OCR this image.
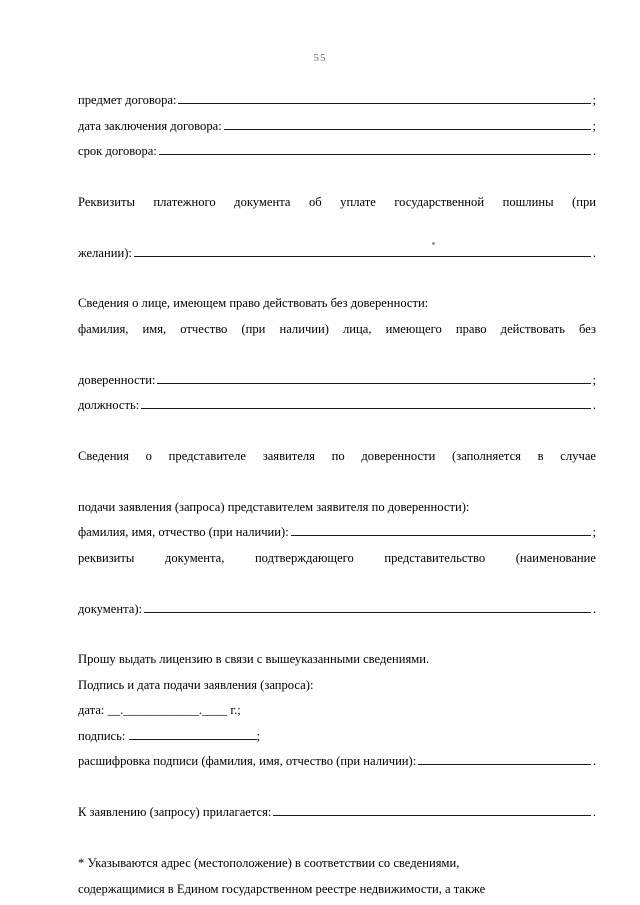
55
предмет договора:	;
дата заключения договора:	;
срок договора:	.
Реквизиты платежного документа об уплате государственной пошлины (при
желании):	.
Сведения о лице, имеющем право действовать без доверенности:
фамилия, имя, отчество (при наличии) лица, имеющего право действовать без
доверенности:	;
должность:	.
Сведения о представителе заявителя по доверенности (заполняется в случае
подачи заявления (запроса) представителем заявителя по доверенности):
фамилия, имя, отчество (при наличии):	;
реквизиты документа, подтверждающего представительство (наименование
документа):	.
Прошу выдать лицензию в связи с вышеуказанными сведениями.
Подпись и дата подачи заявления (запроса):
дата: __.____________.____ г.;
подпись:	;
расшифровка подписи (фамилия, имя, отчество (при наличии):	.
К заявлению (запросу) прилагается:	.
* Указываются адрес (местоположение) в соответствии со сведениями,
содержащимися в Едином государственном реестре недвижимости, а также
